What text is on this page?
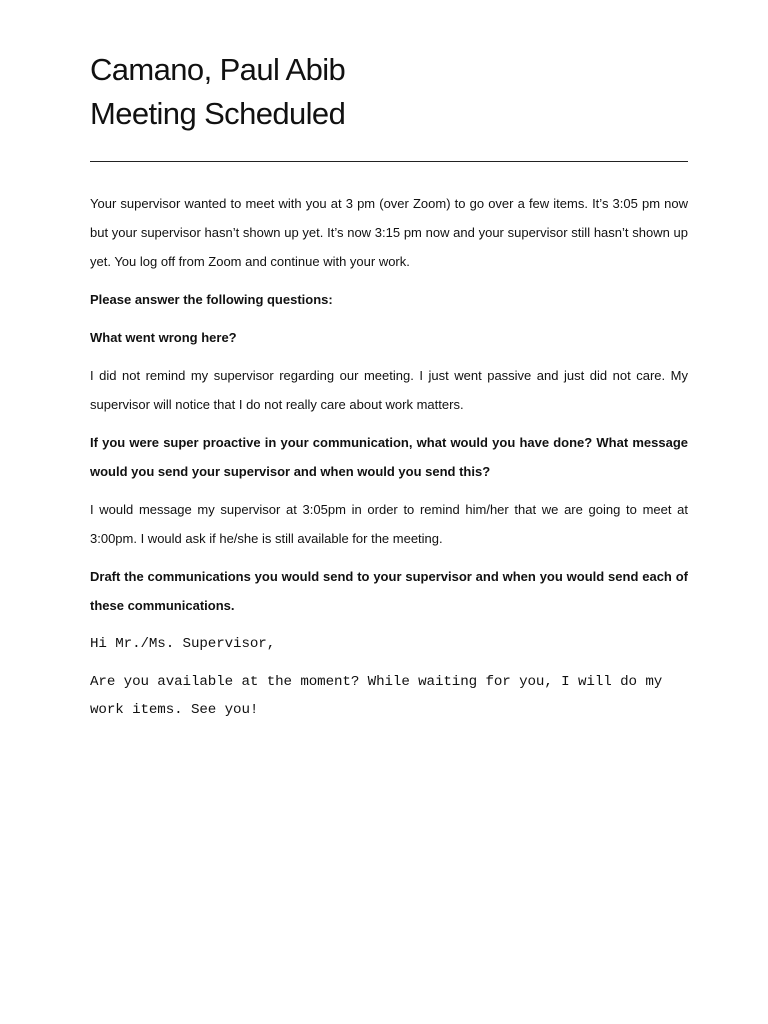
Camano, Paul Abib
Meeting Scheduled

Your supervisor wanted to meet with you at 3 pm (over Zoom) to go over a few items. It’s 3:05 pm now but your supervisor hasn’t shown up yet. It’s now 3:15 pm now and your supervisor still hasn’t shown up yet. You log off from Zoom and continue with your work.

Please answer the following questions:

What went wrong here?

I did not remind my supervisor regarding our meeting. I just went passive and just did not care. My supervisor will notice that I do not really care about work matters.

If you were super proactive in your communication, what would you have done? What message would you send your supervisor and when would you send this?

I would message my supervisor at 3:05pm in order to remind him/her that we are going to meet at 3:00pm. I would ask if he/she is still available for the meeting.

Draft the communications you would send to your supervisor and when you would send each of these communications.

Hi Mr./Ms. Supervisor,

Are you available at the moment? While waiting for you, I will do my work items. See you!
